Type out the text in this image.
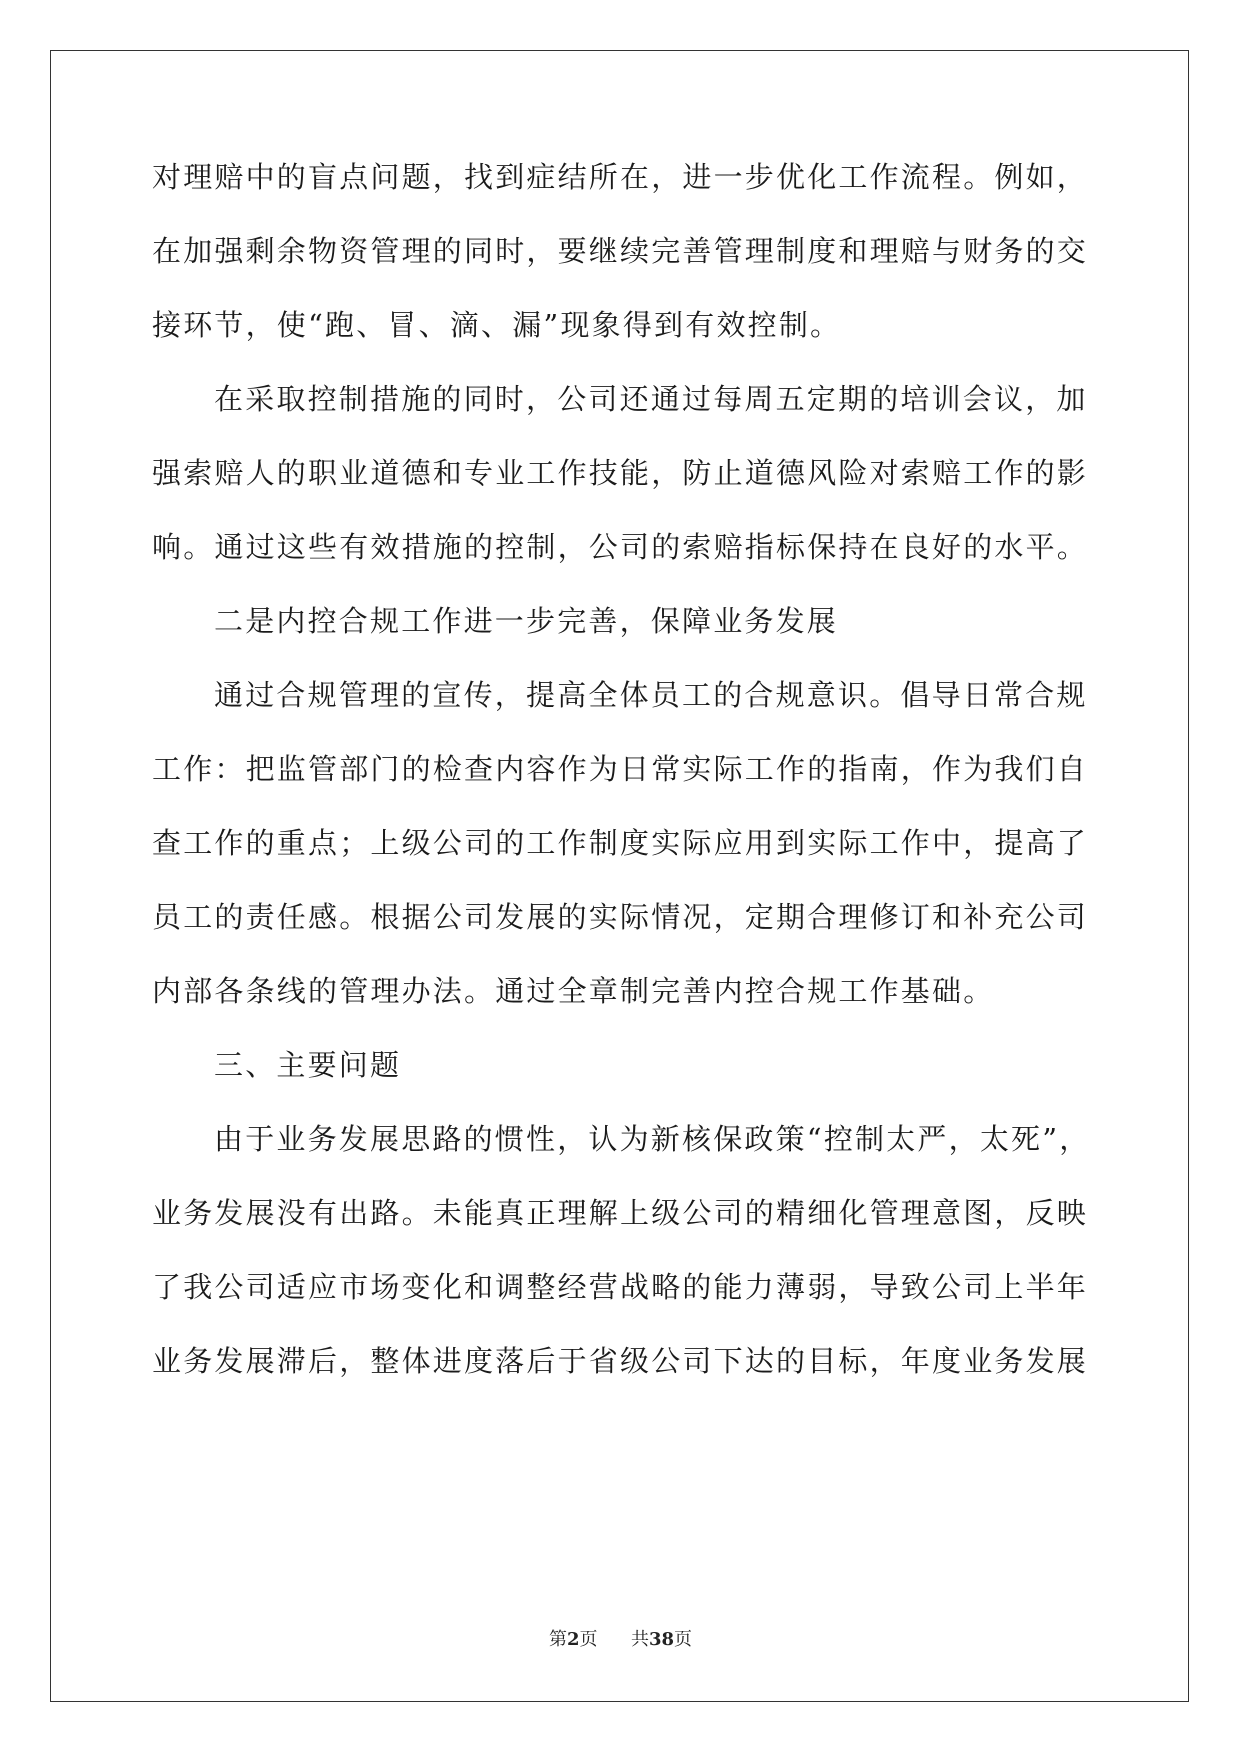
对理赔中的盲点问题，找到症结所在，进一步优化工作流程。例如，
在加强剩余物资管理的同时，要继续完善管理制度和理赔与财务的交
接环节，使“跑、冒、滴、漏”现象得到有效控制。
在采取控制措施的同时，公司还通过每周五定期的培训会议，加
强索赔人的职业道德和专业工作技能，防止道德风险对索赔工作的影
响。通过这些有效措施的控制，公司的索赔指标保持在良好的水平。
二是内控合规工作进一步完善，保障业务发展
通过合规管理的宣传，提高全体员工的合规意识。倡导日常合规
工作：把监管部门的检查内容作为日常实际工作的指南，作为我们自
查工作的重点；上级公司的工作制度实际应用到实际工作中，提高了
员工的责任感。根据公司发展的实际情况，定期合理修订和补充公司
内部各条线的管理办法。通过全章制完善内控合规工作基础。
三、主要问题
由于业务发展思路的惯性，认为新核保政策“控制太严，太死”，
业务发展没有出路。未能真正理解上级公司的精细化管理意图，反映
了我公司适应市场变化和调整经营战略的能力薄弱，导致公司上半年
业务发展滞后，整体进度落后于省级公司下达的目标，年度业务发展
第2页 共38页
